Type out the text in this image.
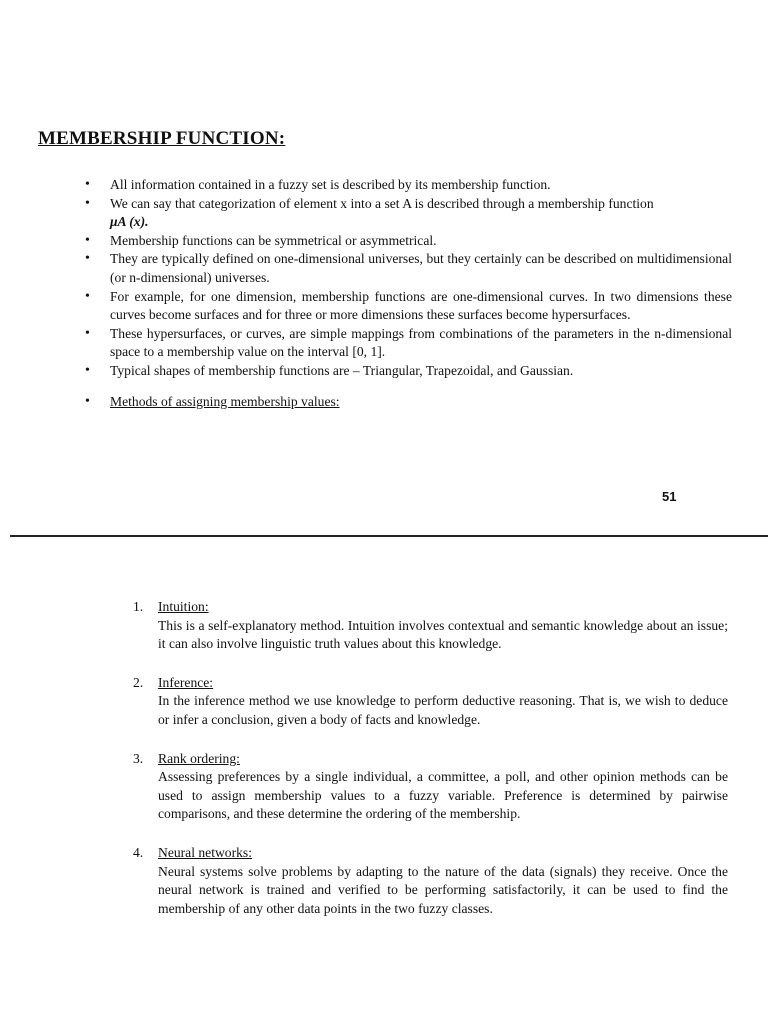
MEMBERSHIP FUNCTION:
• All information contained in a fuzzy set is described by its membership function.
• We can say that categorization of element x into a set A is described through a membership function
μA (x).
• Membership functions can be symmetrical or asymmetrical.
• They are typically defined on one-dimensional universes, but they certainly can be described on multidimensional (or n-dimensional) universes.
• For example, for one dimension, membership functions are one-dimensional curves. In two dimensions these curves become surfaces and for three or more dimensions these surfaces become hypersurfaces.
• These hypersurfaces, or curves, are simple mappings from combinations of the parameters in the n-dimensional space to a membership value on the interval [0, 1].
• Typical shapes of membership functions are – Triangular, Trapezoidal, and Gaussian.
• Methods of assigning membership values:
51
1. Intuition:
This is a self-explanatory method. Intuition involves contextual and semantic knowledge about an issue; it can also involve linguistic truth values about this knowledge.
2. Inference:
In the inference method we use knowledge to perform deductive reasoning. That is, we wish to deduce or infer a conclusion, given a body of facts and knowledge.
3. Rank ordering:
Assessing preferences by a single individual, a committee, a poll, and other opinion methods can be used to assign membership values to a fuzzy variable. Preference is determined by pairwise comparisons, and these determine the ordering of the membership.
4. Neural networks:
Neural systems solve problems by adapting to the nature of the data (signals) they receive. Once the neural network is trained and verified to be performing satisfactorily, it can be used to find the membership of any other data points in the two fuzzy classes.
